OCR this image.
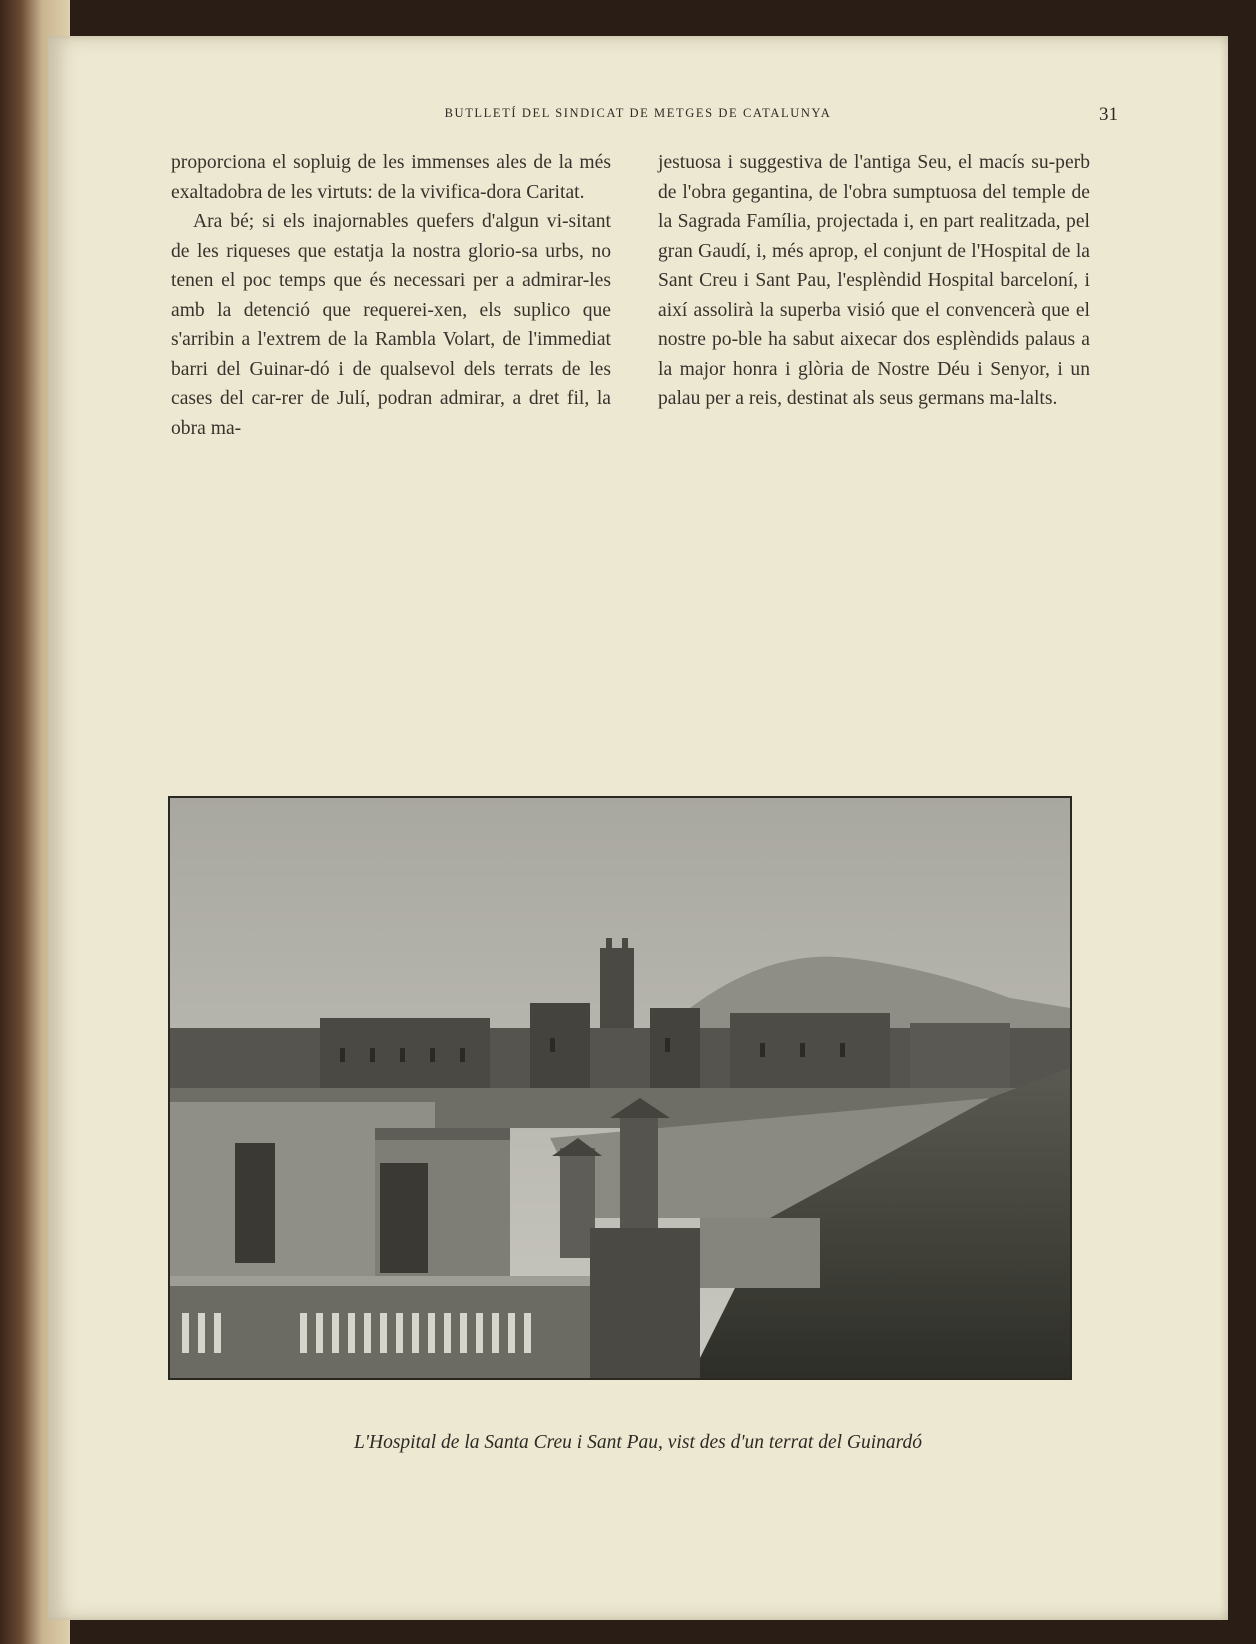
BUTLLETÍ DEL SINDICAT DE METGES DE CATALUNYA	31

proporciona el sopluig de les immenses ales de la més exaltadobra de les virtuts: de la vivifica-dora Caritat.

Ara bé; si els inajornables quefers d'algun vi-sitant de les riqueses que estatja la nostra glorio-sa urbs, no tenen el poc temps que és necessari per a admirar-les amb la detenció que requerei-xen, els suplico que s'arribin a l'extrem de la Rambla Volart, de l'immediat barri del Guinar-dó i de qualsevol dels terrats de les cases del car-rer de Julí, podran admirar, a dret fil, la obra ma-

jestuosa i suggestiva de l'antiga Seu, el macís su-perb de l'obra gegantina, de l'obra sumptuosa del temple de la Sagrada Família, projectada i, en part realitzada, pel gran Gaudí, i, més aprop, el conjunt de l'Hospital de la Sant Creu i Sant Pau, l'esplèndid Hospital barceloní, i així assolirà la superba visió que el convencerà que el nostre po-ble ha sabut aixecar dos esplèndids palaus a la major honra i glòria de Nostre Déu i Senyor, i un palau per a reis, destinat als seus germans ma-lalts.

L'Hospital de la Santa Creu i Sant Pau, vist des d'un terrat del Guinardó
